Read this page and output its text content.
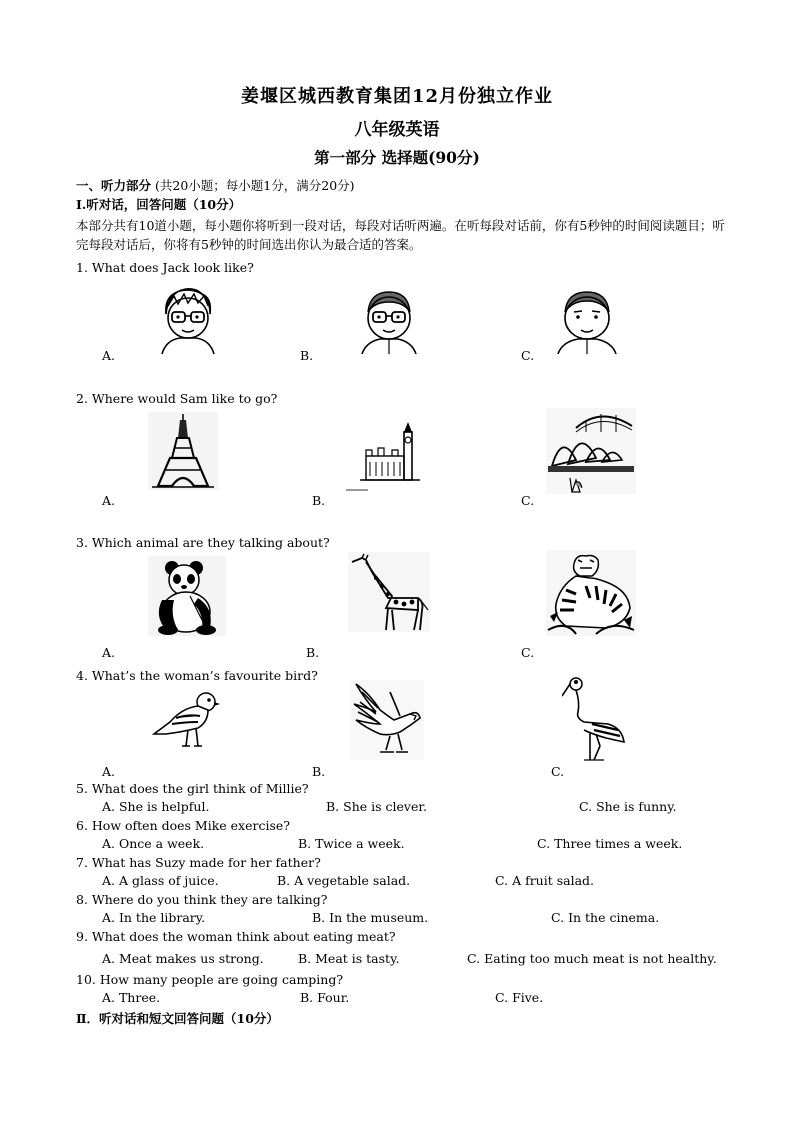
姜堰区城西教育集团12月份独立作业
八年级英语
第一部分 选择题(90分)
一、听力部分 (共20小题；每小题1分，满分20分)
Ⅰ.听对话，回答问题（10分）
本部分共有10道小题，每小题你将听到一段对话，每段对话听两遍。在听每段对话前，你有5秒钟的时间阅读题目；听完每段对话后，你将有5秒钟的时间选出你认为最合适的答案。
1. What does Jack look like?
A.	B.	C.
2. Where would Sam like to go?
A.	B.	C.
3. Which animal are they talking about?
A.	B.	C.
4. What’s the woman’s favourite bird?
A.	B.	C.
5. What does the girl think of Millie?
A. She is helpful.	B. She is clever.	C. She is funny.
6. How often does Mike exercise?
A. Once a week.	B. Twice a week.	C. Three times a week.
7. What has Suzy made for her father?
A. A glass of juice.	B. A vegetable salad.	C. A fruit salad.
8. Where do you think they are talking?
A. In the library.	B. In the museum.	C. In the cinema.
9. What does the woman think about eating meat?
A. Meat makes us strong.	B. Meat is tasty.	C. Eating too much meat is not healthy.
10. How many people are going camping?
A. Three.	B. Four.	C. Five.
Ⅱ．听对话和短文回答问题（10分）
